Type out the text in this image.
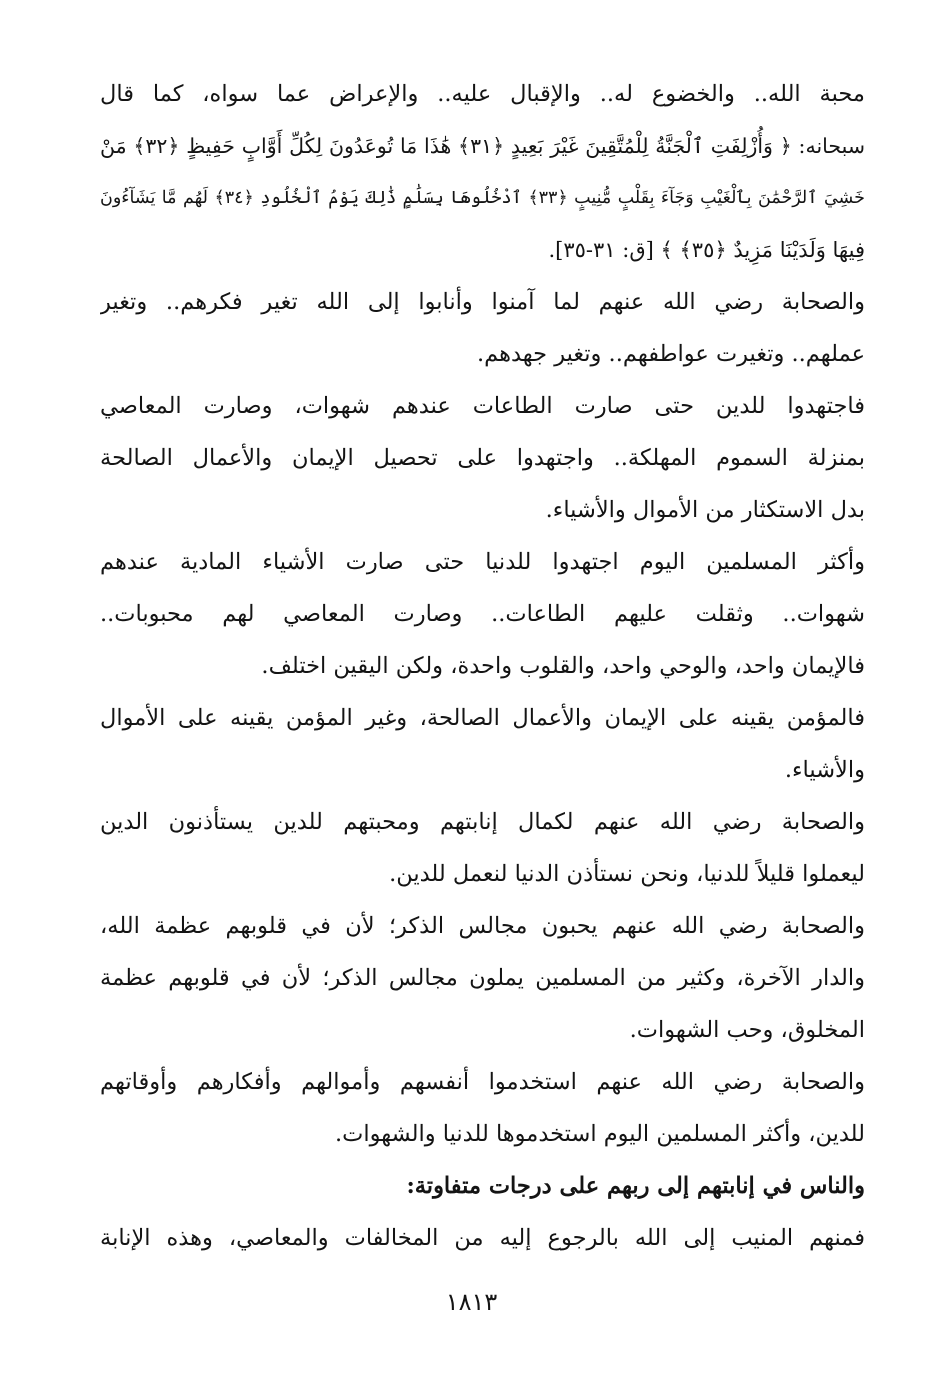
محبة الله.. والخضوع له.. والإقبال عليه.. والإعراض عما سواه، كما قال
سبحانه: ﴿ وَأُزْلِفَتِ ٱلْجَنَّةُ لِلْمُتَّقِينَ غَيْرَ بَعِيدٍ ﴿٣١﴾ هَٰذَا مَا تُوعَدُونَ لِكُلِّ أَوَّابٍ حَفِيظٍ ﴿٣٢﴾ مَنْ
خَشِيَ ٱلرَّحْمَٰنَ بِٱلْغَيْبِ وَجَآءَ بِقَلْبٍ مُّنِيبٍ ﴿٣٣﴾ ٱدْخُلُوهَا بِسَلَٰمٍ ذَٰلِكَ يَوْمُ ٱلْخُلُودِ ﴿٣٤﴾ لَهُم مَّا يَشَآءُونَ
فِيهَا وَلَدَيْنَا مَزِيدٌ ﴿٣٥﴾ ﴾ [ق: ٣١-٣٥].
والصحابة رضي الله عنهم لما آمنوا وأنابوا إلى الله تغير فكرهم.. وتغير
عملهم.. وتغيرت عواطفهم.. وتغير جهدهم.
فاجتهدوا للدين حتى صارت الطاعات عندهم شهوات، وصارت المعاصي
بمنزلة السموم المهلكة.. واجتهدوا على تحصيل الإيمان والأعمال الصالحة
بدل الاستكثار من الأموال والأشياء.
وأكثر المسلمين اليوم اجتهدوا للدنيا حتى صارت الأشياء المادية عندهم
شهوات.. وثقلت عليهم الطاعات.. وصارت المعاصي لهم محبوبات..
فالإيمان واحد، والوحي واحد، والقلوب واحدة، ولكن اليقين اختلف.
فالمؤمن يقينه على الإيمان والأعمال الصالحة، وغير المؤمن يقينه على الأموال
والأشياء.
والصحابة رضي الله عنهم لكمال إنابتهم ومحبتهم للدين يستأذنون الدين
ليعملوا قليلاً للدنيا، ونحن نستأذن الدنيا لنعمل للدين.
والصحابة رضي الله عنهم يحبون مجالس الذكر؛ لأن في قلوبهم عظمة الله،
والدار الآخرة، وكثير من المسلمين يملون مجالس الذكر؛ لأن في قلوبهم عظمة
المخلوق، وحب الشهوات.
والصحابة رضي الله عنهم استخدموا أنفسهم وأموالهم وأفكارهم وأوقاتهم
للدين، وأكثر المسلمين اليوم استخدموها للدنيا والشهوات.
والناس في إنابتهم إلى ربهم على درجات متفاوتة:
فمنهم المنيب إلى الله بالرجوع إليه من المخالفات والمعاصي، وهذه الإنابة
١٨١٣
